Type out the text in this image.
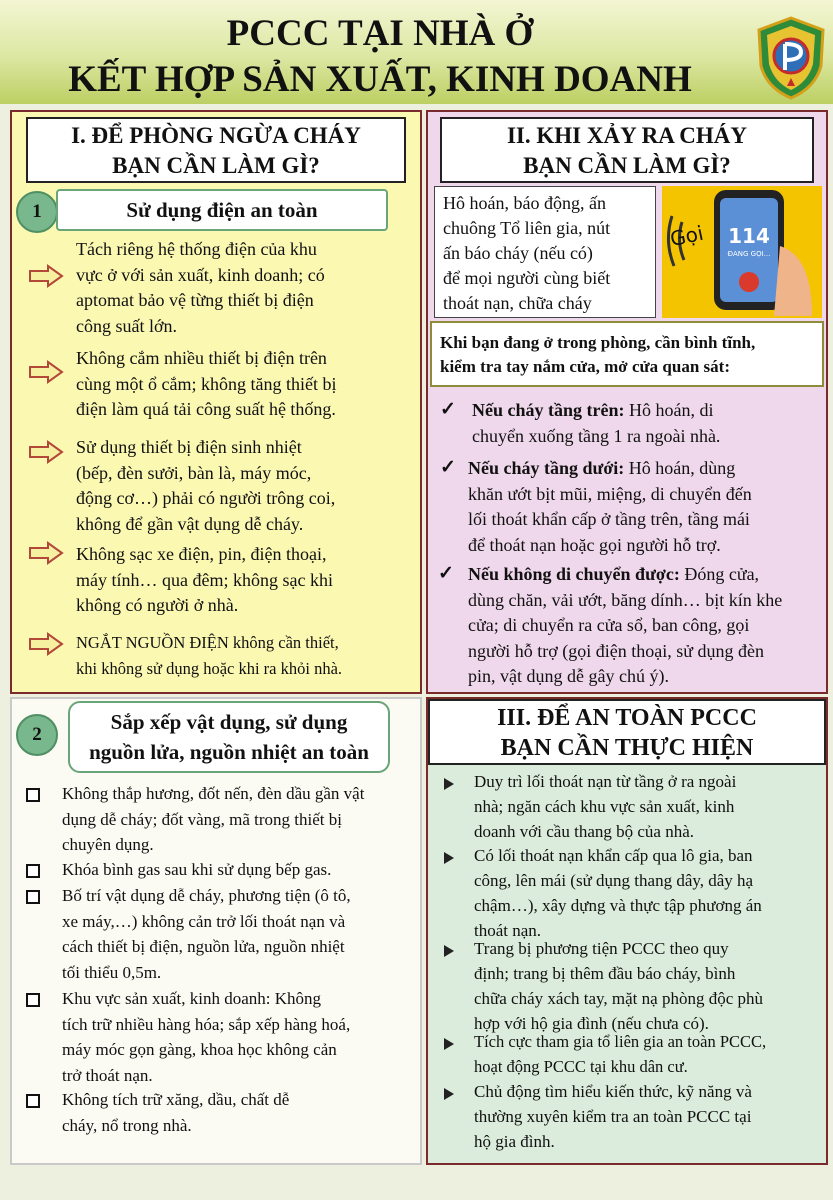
PCCC TẠI NHÀ Ở
KẾT HỢP SẢN XUẤT, KINH DOANH
I. ĐỂ PHÒNG NGỪA CHÁY
BẠN CẦN LÀM GÌ?
1	Sử dụng điện an toàn
Tách riêng hệ thống điện của khu
vực ở với sản xuất, kinh doanh; có
aptomat bảo vệ từng thiết bị điện
công suất lớn.
Không cắm nhiều thiết bị điện trên
cùng một ổ cắm; không tăng thiết bị
điện làm quá tải công suất hệ thống.
Sử dụng thiết bị điện sinh nhiệt
(bếp, đèn sưởi, bàn là, máy móc,
động cơ…) phải có người trông coi,
không để gần vật dụng dễ cháy.
Không sạc xe điện, pin, điện thoại,
máy tính… qua đêm; không sạc khi
không có người ở nhà.
NGẮT NGUỒN ĐIỆN không cần thiết,
khi không sử dụng hoặc khi ra khỏi nhà.
II. KHI XẢY RA CHÁY
BẠN CẦN LÀM GÌ?
Hô hoán, báo động, ấn
chuông Tổ liên gia, nút
ấn báo cháy (nếu có)
để mọi người cùng biết
thoát nạn, chữa cháy
Gọi 114
ĐANG GỌI...
Khi bạn đang ở trong phòng, cần bình tĩnh,
kiểm tra tay nắm cửa, mở cửa quan sát:
✓ Nếu cháy tầng trên: Hô hoán, di
chuyển xuống tầng 1 ra ngoài nhà.
✓ Nếu cháy tầng dưới: Hô hoán, dùng
khăn ướt bịt mũi, miệng, di chuyển đến
lối thoát khẩn cấp ở tầng trên, tầng mái
để thoát nạn hoặc gọi người hỗ trợ.
✓ Nếu không di chuyển được: Đóng cửa,
dùng chăn, vải ướt, băng dính… bịt kín khe
cửa; di chuyển ra cửa sổ, ban công, gọi
người hỗ trợ (gọi điện thoại, sử dụng đèn
pin, vật dụng dễ gây chú ý).
2
Sắp xếp vật dụng, sử dụng
nguồn lửa, nguồn nhiệt an toàn
Không thắp hương, đốt nến, đèn dầu gần vật
dụng dễ cháy; đốt vàng, mã trong thiết bị
chuyên dụng.
Khóa bình gas sau khi sử dụng bếp gas.
Bố trí vật dụng dễ cháy, phương tiện (ô tô,
xe máy,…) không cản trở lối thoát nạn và
cách thiết bị điện, nguồn lửa, nguồn nhiệt
tối thiểu 0,5m.
Khu vực sản xuất, kinh doanh: Không
tích trữ nhiều hàng hóa; sắp xếp hàng hoá,
máy móc gọn gàng, khoa học không cản
trở thoát nạn.
Không tích trữ xăng, dầu, chất dễ
cháy, nổ trong nhà.
III. ĐỂ AN TOÀN PCCC
BẠN CẦN THỰC HIỆN
Duy trì lối thoát nạn từ tầng ở ra ngoài
nhà; ngăn cách khu vực sản xuất, kinh
doanh với cầu thang bộ của nhà.
Có lối thoát nạn khẩn cấp qua lô gia, ban
công, lên mái (sử dụng thang dây, dây hạ
chậm…), xây dựng và thực tập phương án
thoát nạn.
Trang bị phương tiện PCCC theo quy
định; trang bị thêm đầu báo cháy, bình
chữa cháy xách tay, mặt nạ phòng độc phù
hợp với hộ gia đình (nếu chưa có).
Tích cực tham gia tổ liên gia an toàn PCCC,
hoạt động PCCC tại khu dân cư.
Chủ động tìm hiểu kiến thức, kỹ năng và
thường xuyên kiểm tra an toàn PCCC tại
hộ gia đình.
